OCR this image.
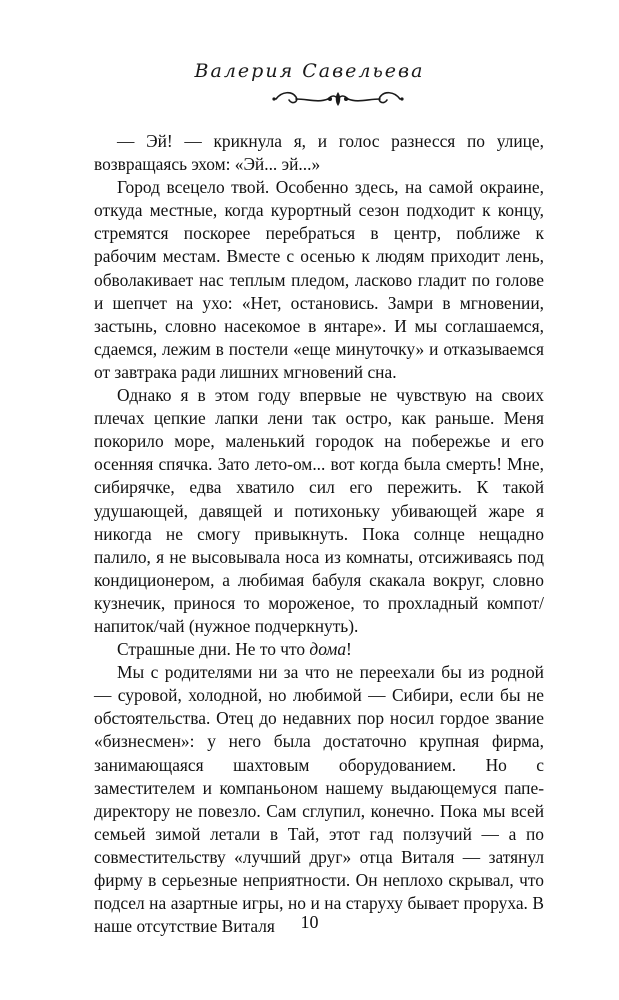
Валерия Савельева

— Эй! — крикнула я, и голос разнесся по улице, возвращаясь эхом: «Эй... эй...»

Город всецело твой. Особенно здесь, на самой окраине, откуда местные, когда курортный сезон подходит к концу, стремятся поскорее перебраться в центр, поближе к рабочим местам. Вместе с осенью к людям приходит лень, обволакивает нас теплым пледом, ласково гладит по голове и шепчет на ухо: «Нет, остановись. Замри в мгновении, застынь, словно насекомое в янтаре». И мы соглашаемся, сдаемся, лежим в постели «еще минуточку» и отказываемся от завтрака ради лишних мгновений сна.

Однако я в этом году впервые не чувствую на своих плечах цепкие лапки лени так остро, как раньше. Меня покорило море, маленький городок на побережье и его осенняя спячка. Зато лето-ом... вот когда была смерть! Мне, сибирячке, едва хватило сил его пережить. К такой удушающей, давящей и потихоньку убивающей жаре я никогда не смогу привыкнуть. Пока солнце нещадно палило, я не высовывала носа из комнаты, отсиживаясь под кондиционером, а любимая бабуля скакала вокруг, словно кузнечик, принося то мороженое, то прохладный компот/напиток/чай (нужное подчеркнуть).

Страшные дни. Не то что дома!

Мы с родителями ни за что не переехали бы из родной — суровой, холодной, но любимой — Сибири, если бы не обстоятельства. Отец до недавних пор носил гордое звание «бизнесмен»: у него была достаточно крупная фирма, занимающаяся шахтовым оборудованием. Но с заместителем и компаньоном нашему выдающемуся папе-директору не повезло. Сам сглупил, конечно. Пока мы всей семьей зимой летали в Тай, этот гад ползучий — а по совместительству «лучший друг» отца Виталя — затянул фирму в серьезные неприятности. Он неплохо скрывал, что подсел на азартные игры, но и на старуху бывает проруха. В наше отсутствие Виталя	10
